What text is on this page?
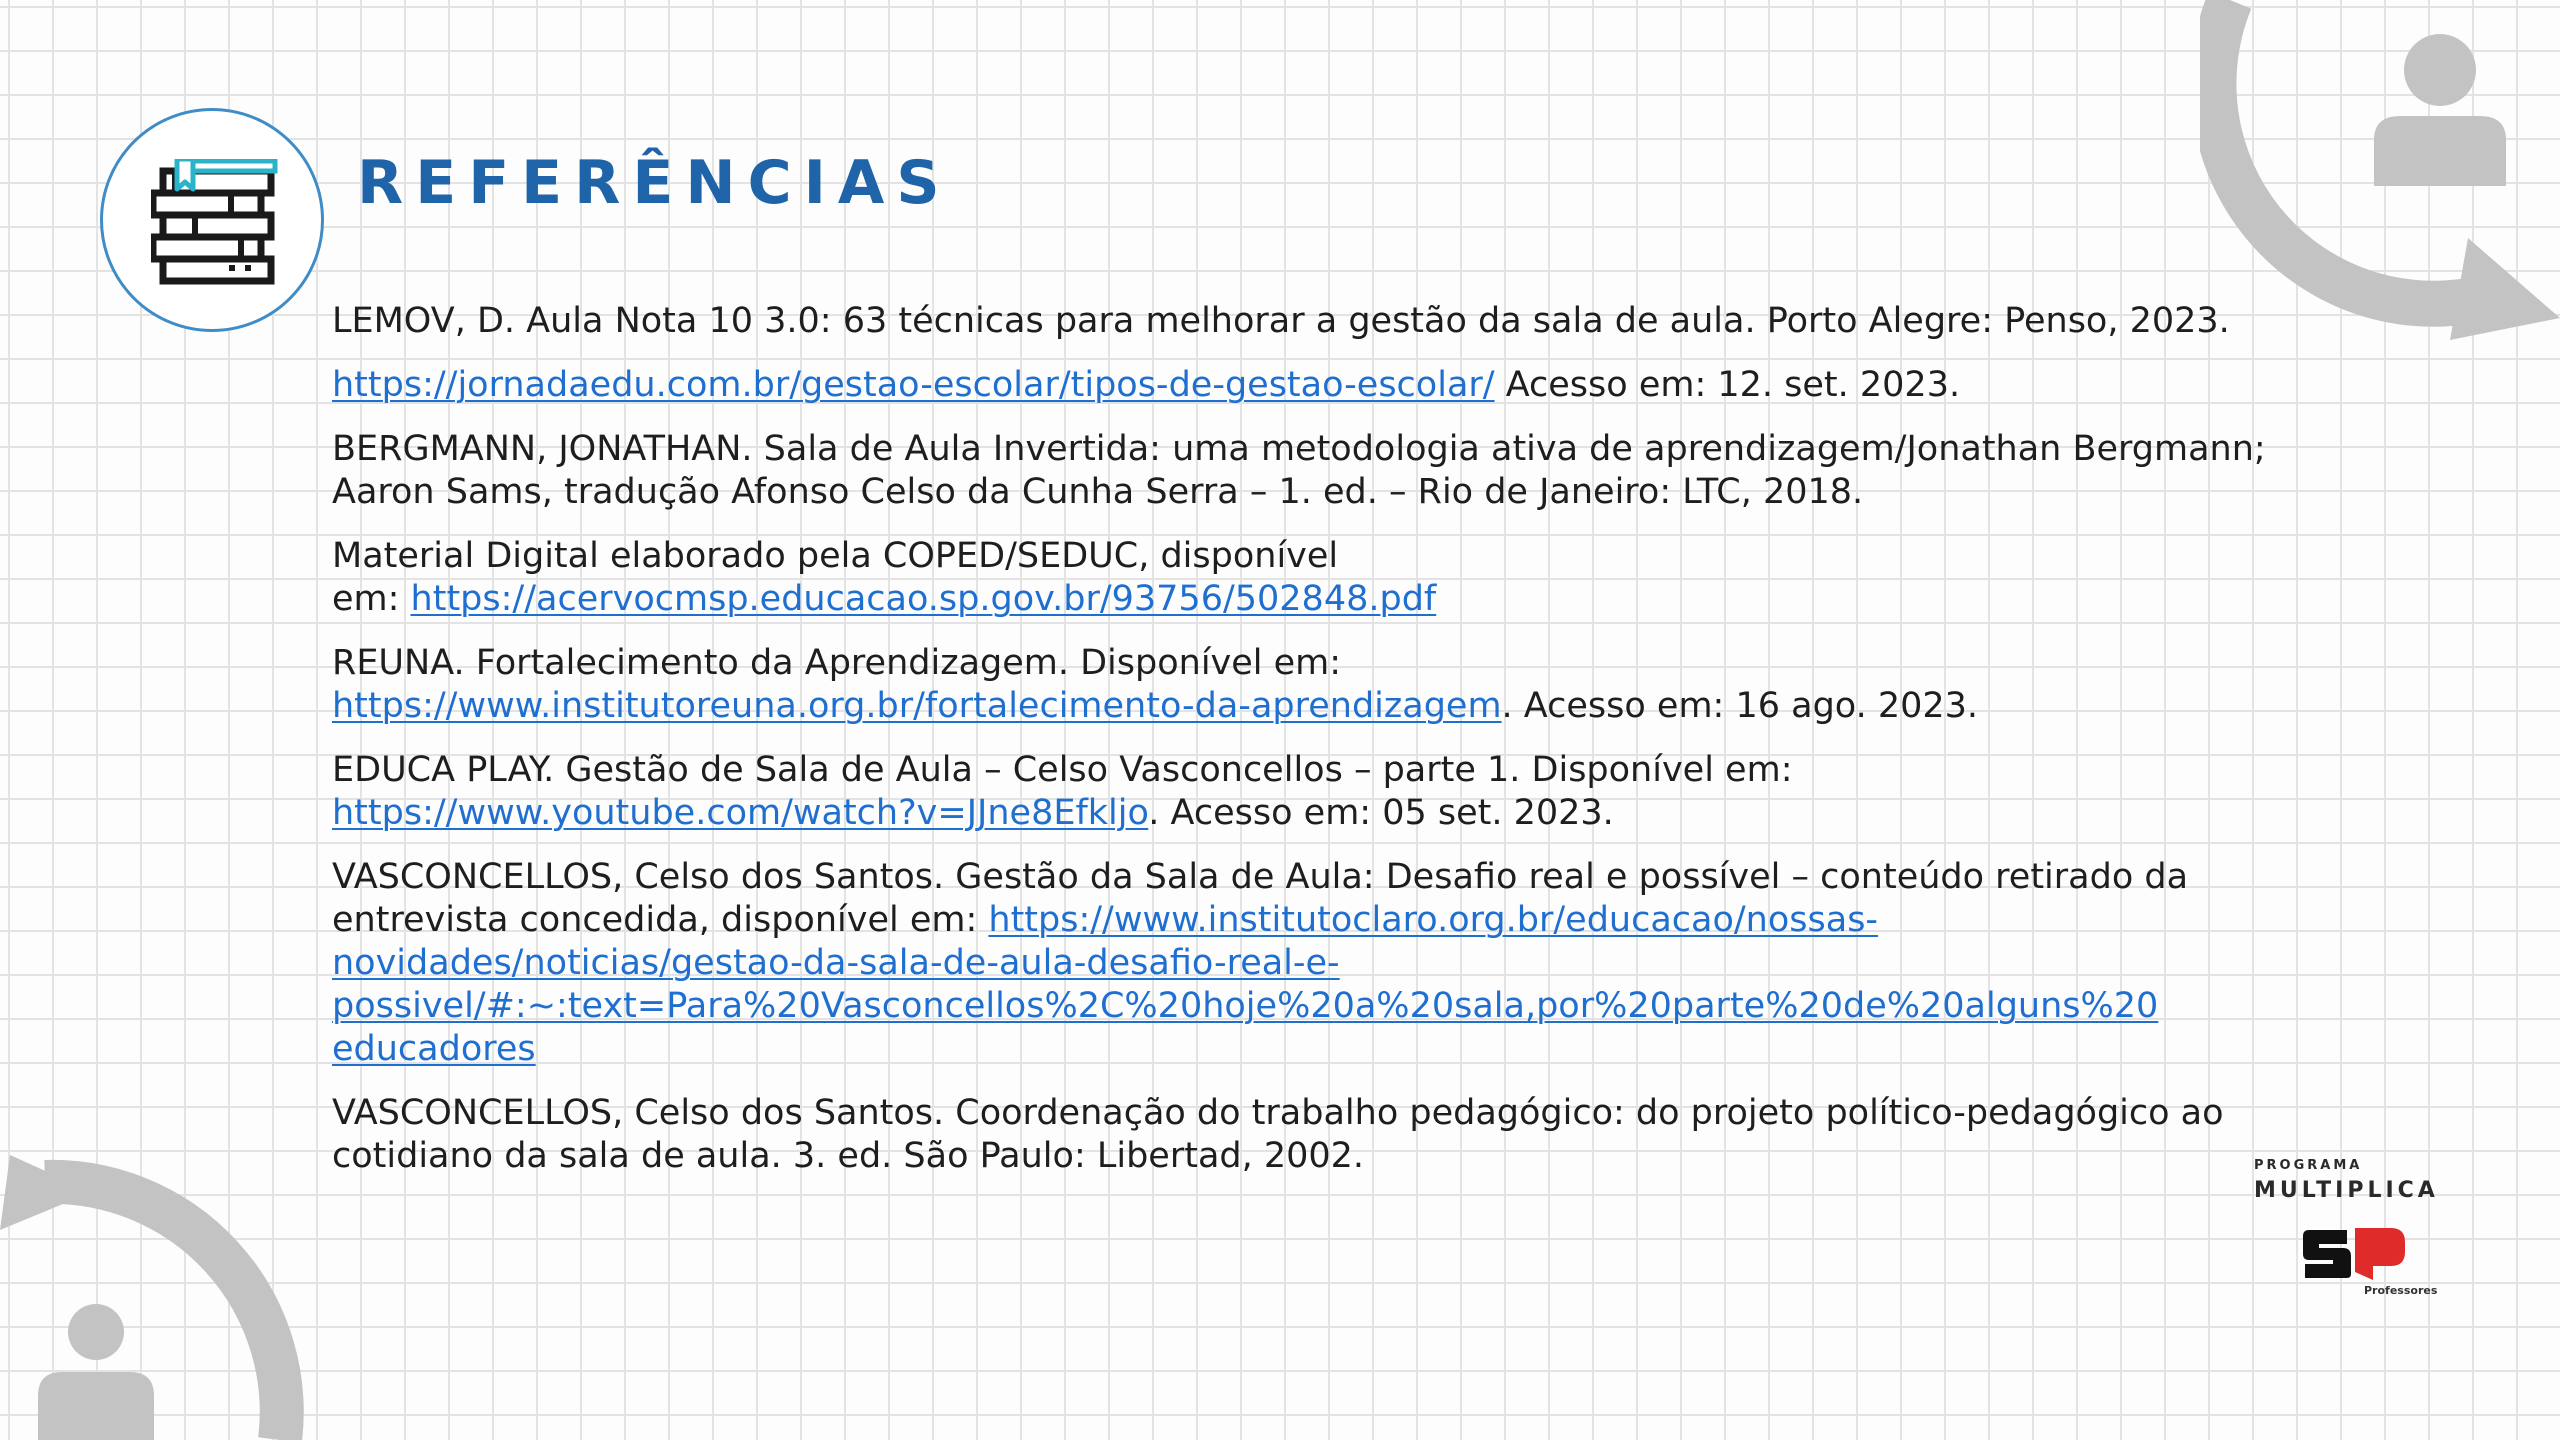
REFERÊNCIAS

LEMOV, D. Aula Nota 10 3.0: 63 técnicas para melhorar a gestão da sala de aula. Porto Alegre: Penso, 2023.

https://jornadaedu.com.br/gestao-escolar/tipos-de-gestao-escolar/ Acesso em: 12. set. 2023.

BERGMANN, JONATHAN. Sala de Aula Invertida: uma metodologia ativa de aprendizagem/Jonathan Bergmann; Aaron Sams, tradução Afonso Celso da Cunha Serra – 1. ed. – Rio de Janeiro: LTC, 2018.

Material Digital elaborado pela COPED/SEDUC, disponível
em: https://acervocmsp.educacao.sp.gov.br/93756/502848.pdf

REUNA. Fortalecimento da Aprendizagem. Disponível em:
https://www.institutoreuna.org.br/fortalecimento-da-aprendizagem. Acesso em: 16 ago. 2023.

EDUCA PLAY. Gestão de Sala de Aula – Celso Vasconcellos – parte 1. Disponível em:
https://www.youtube.com/watch?v=JJne8Efkljo. Acesso em: 05 set. 2023.

VASCONCELLOS, Celso dos Santos. Gestão da Sala de Aula: Desafio real e possível – conteúdo retirado da entrevista concedida, disponível em: https://www.institutoclaro.org.br/educacao/nossas-
novidades/noticias/gestao-da-sala-de-aula-desafio-real-e-
possivel/#:~:text=Para%20Vasconcellos%2C%20hoje%20a%20sala,por%20parte%20de%20alguns%20
educadores

VASCONCELLOS, Celso dos Santos. Coordenação do trabalho pedagógico: do projeto político-pedagógico ao cotidiano da sala de aula. 3. ed. São Paulo: Libertad, 2002.	PROGRAMA
MULTIPLICA
Professores
